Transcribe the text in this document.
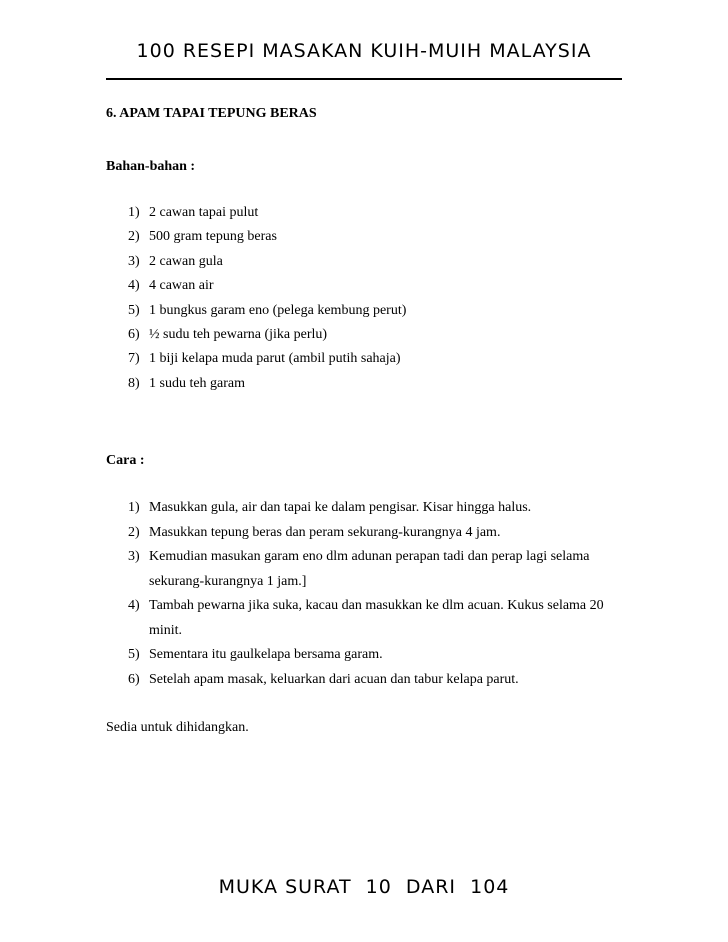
100 RESEPI MASAKAN KUIH-MUIH MALAYSIA
6. APAM TAPAI TEPUNG BERAS
Bahan-bahan :
1) 2 cawan tapai pulut
2) 500 gram tepung beras
3) 2 cawan gula
4) 4 cawan air
5) 1 bungkus garam eno (pelega kembung perut)
6) ½ sudu teh pewarna (jika perlu)
7) 1 biji kelapa muda parut (ambil putih sahaja)
8) 1 sudu teh garam
Cara :
1) Masukkan gula, air dan tapai ke dalam pengisar. Kisar hingga halus.
2) Masukkan tepung beras dan peram sekurang-kurangnya 4 jam.
3) Kemudian masukan garam eno dlm adunan perapan tadi dan perap lagi selama sekurang-kurangnya 1 jam.]
4) Tambah pewarna jika suka, kacau dan masukkan ke dlm acuan. Kukus selama 20 minit.
5) Sementara itu gaulkelapa bersama garam.
6) Setelah apam masak, keluarkan dari acuan dan tabur kelapa parut.
Sedia untuk dihidangkan.
MUKA SURAT  10  DARI  104
